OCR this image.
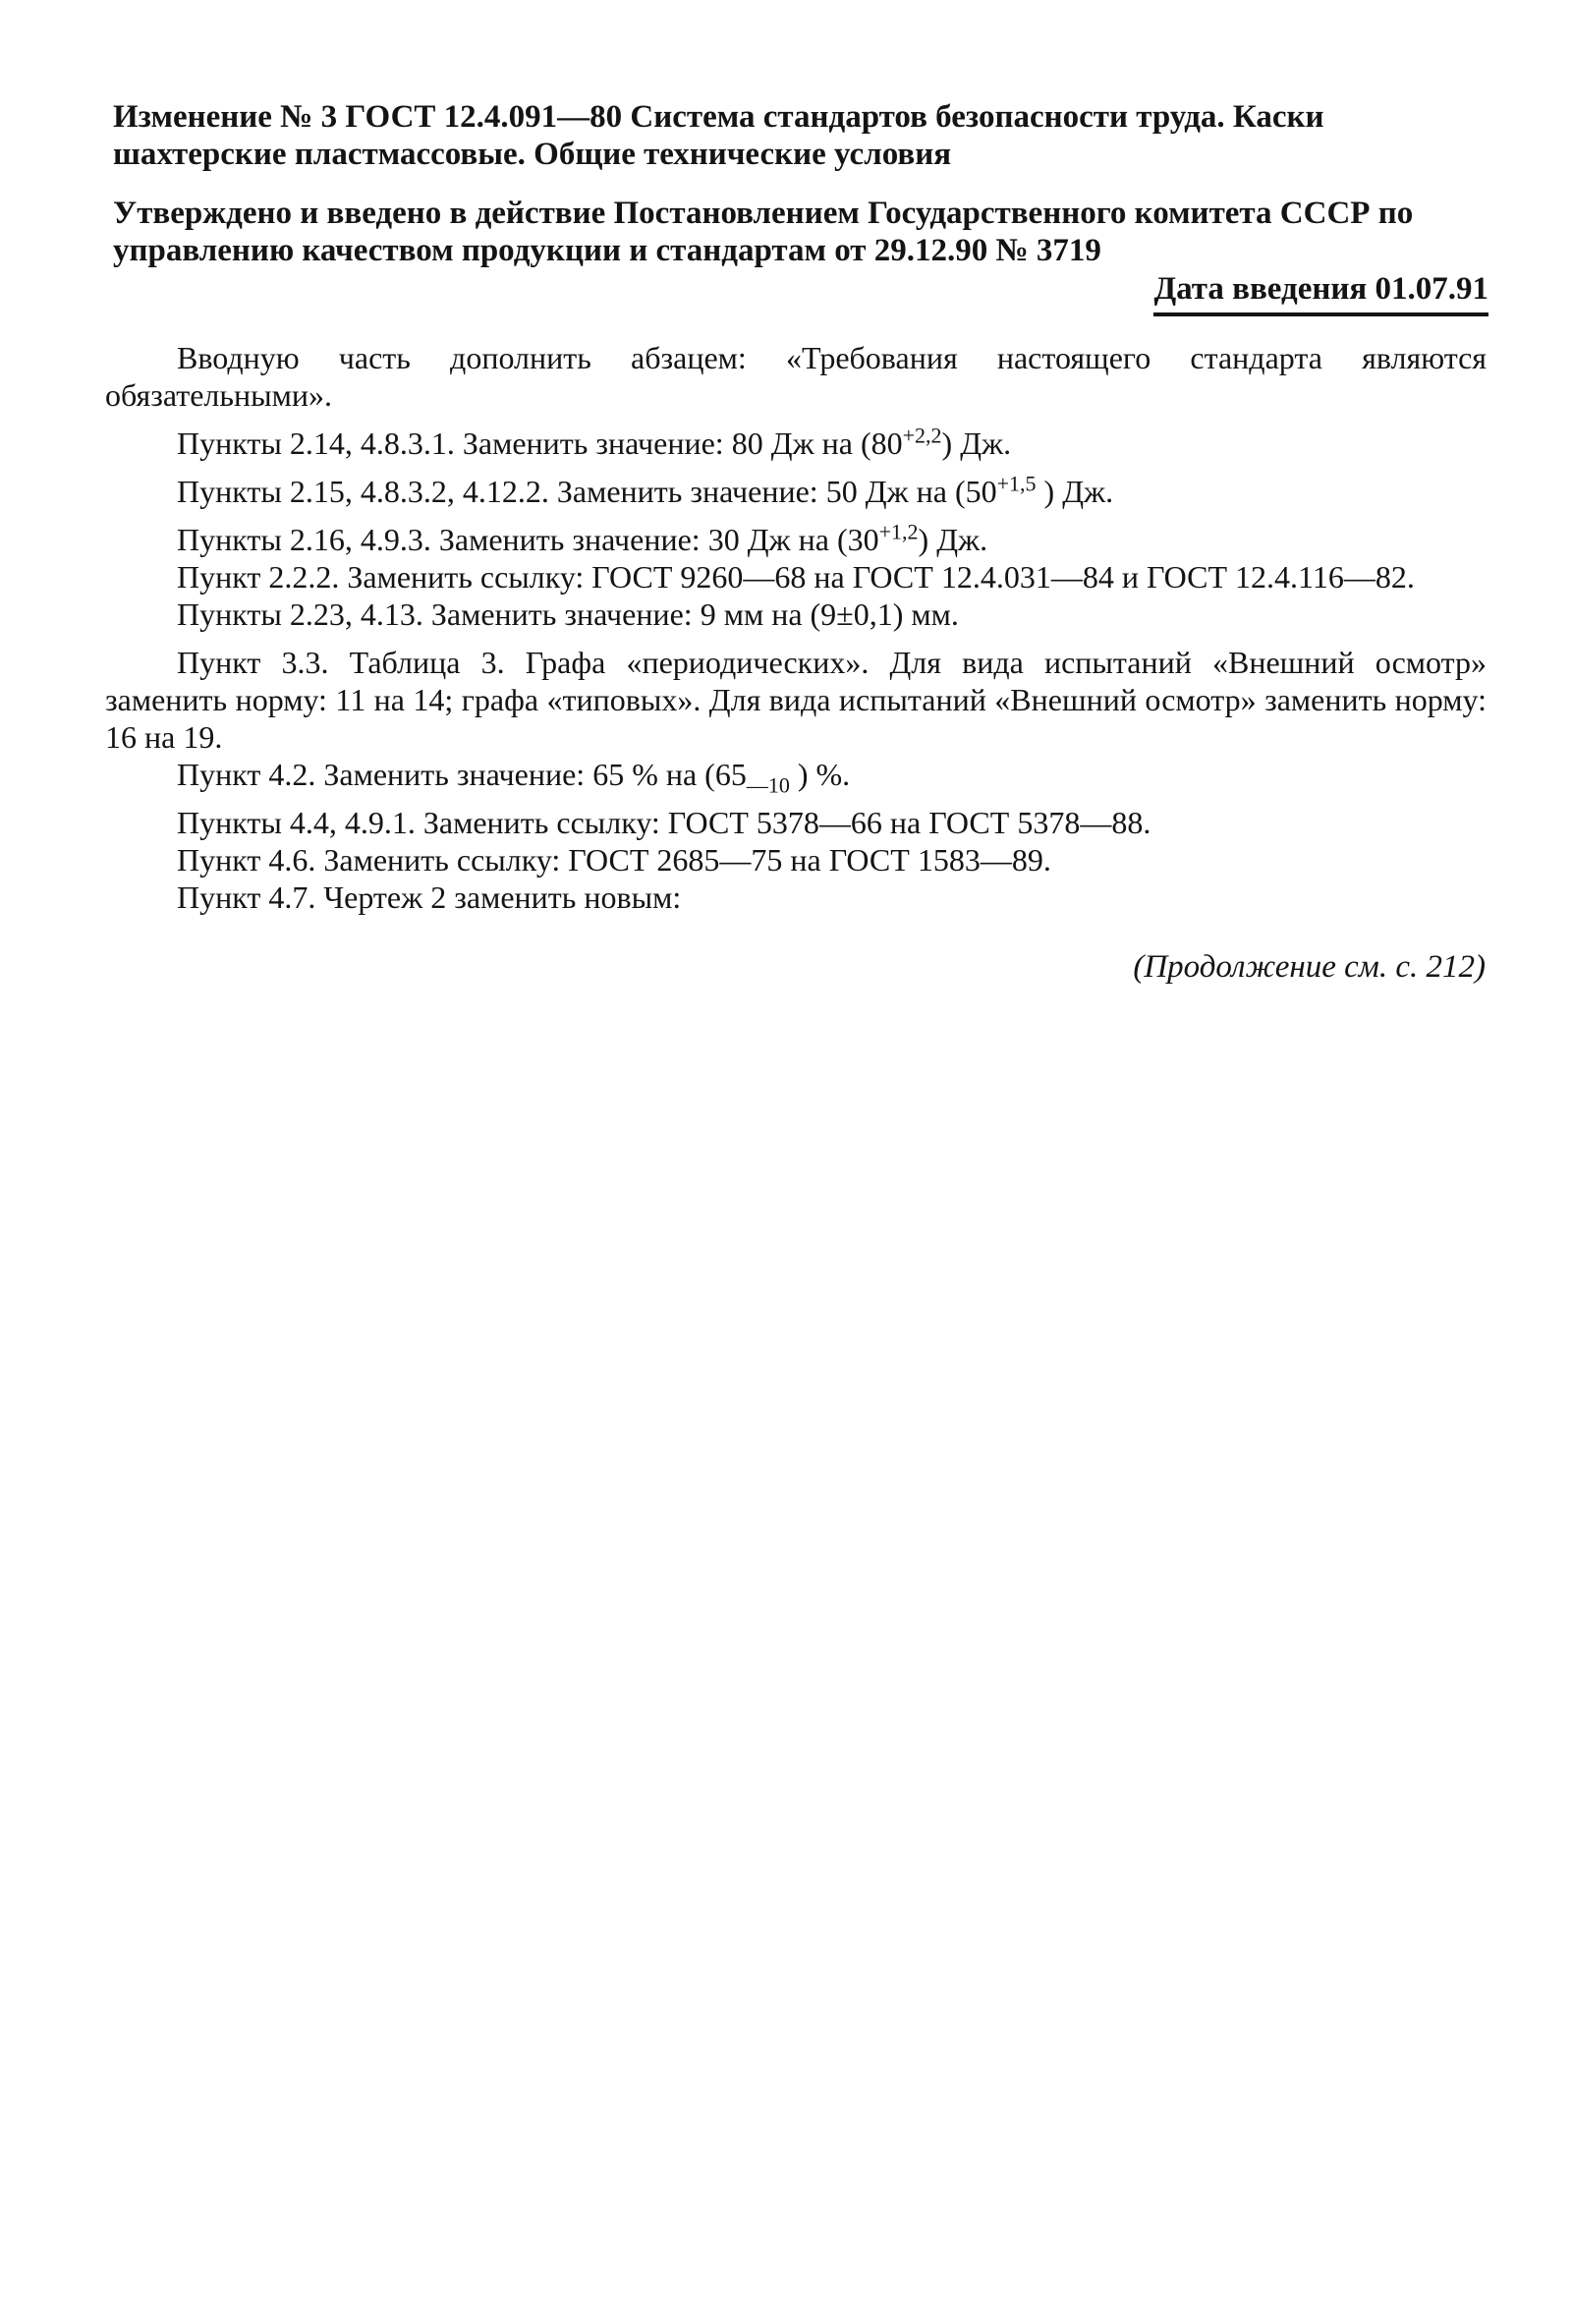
Изменение № 3 ГОСТ 12.4.091—80 Система стандартов безопасности труда. Каски шахтерские пластмассовые. Общие технические условия

Утверждено и введено в действие Постановлением Государственного комитета СССР по управлению качеством продукции и стандартам от 29.12.90 № 3719

Дата введения 01.07.91

Вводную часть дополнить абзацем: «Требования настоящего стандарта являются обязательными».

Пункты 2.14, 4.8.3.1. Заменить значение: 80 Дж на $(80^{+2,2})$ Дж.

Пункты 2.15, 4.8.3.2, 4.12.2. Заменить значение: 50 Дж на ($50^{+1,5}$ ) Дж.

Пункты 2.16, 4.9.3. Заменить значение: 30 Дж на $(30^{+1,2})$ Дж.

Пункт 2.2.2. Заменить ссылку: ГОСТ 9260—68 на ГОСТ 12.4.031—84 и ГОСТ 12.4.116—82.

Пункты 2.23, 4.13. Заменить значение: 9 мм на (9±0,1) мм.

Пункт 3.3. Таблица 3. Графа «периодических». Для вида испытаний «Внешний осмотр» заменить норму: 11 на 14; графа «типовых». Для вида испытаний «Внешний осмотр» заменить норму: 16 на 19.

Пункт 4.2. Заменить значение: 65 % на ($65_{—10}$ ) %.

Пункты 4.4, 4.9.1. Заменить ссылку: ГОСТ 5378—66 на ГОСТ 5378—88.

Пункт 4.6. Заменить ссылку: ГОСТ 2685—75 на ГОСТ 1583—89.

Пункт 4.7. Чертеж 2 заменить новым:

(Продолжение см. с. 212)
